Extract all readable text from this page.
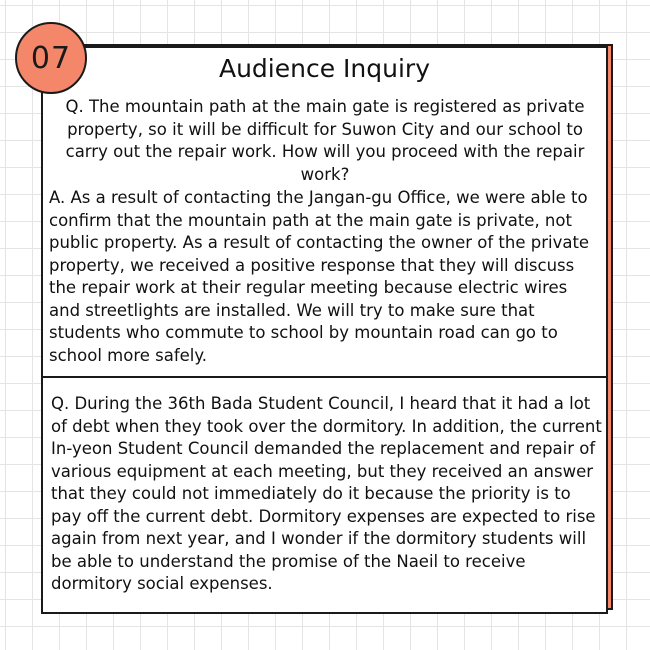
07	Audience Inquiry

Q. The mountain path at the main gate is registered as private property, so it will be difficult for Suwon City and our school to carry out the repair work. How will you proceed with the repair work?

A. As a result of contacting the Jangan-gu Office, we were able to confirm that the mountain path at the main gate is private, not public property. As a result of contacting the owner of the private property, we received a positive response that they will discuss the repair work at their regular meeting because electric wires and streetlights are installed. We will try to make sure that students who commute to school by mountain road can go to school more safely.

Q. During the 36th Bada Student Council, I heard that it had a lot of debt when they took over the dormitory. In addition, the current In-yeon Student Council demanded the replacement and repair of various equipment at each meeting, but they received an answer that they could not immediately do it because the priority is to pay off the current debt. Dormitory expenses are expected to rise again from next year, and I wonder if the dormitory students will be able to understand the promise of the Naeil to receive dormitory social expenses.
